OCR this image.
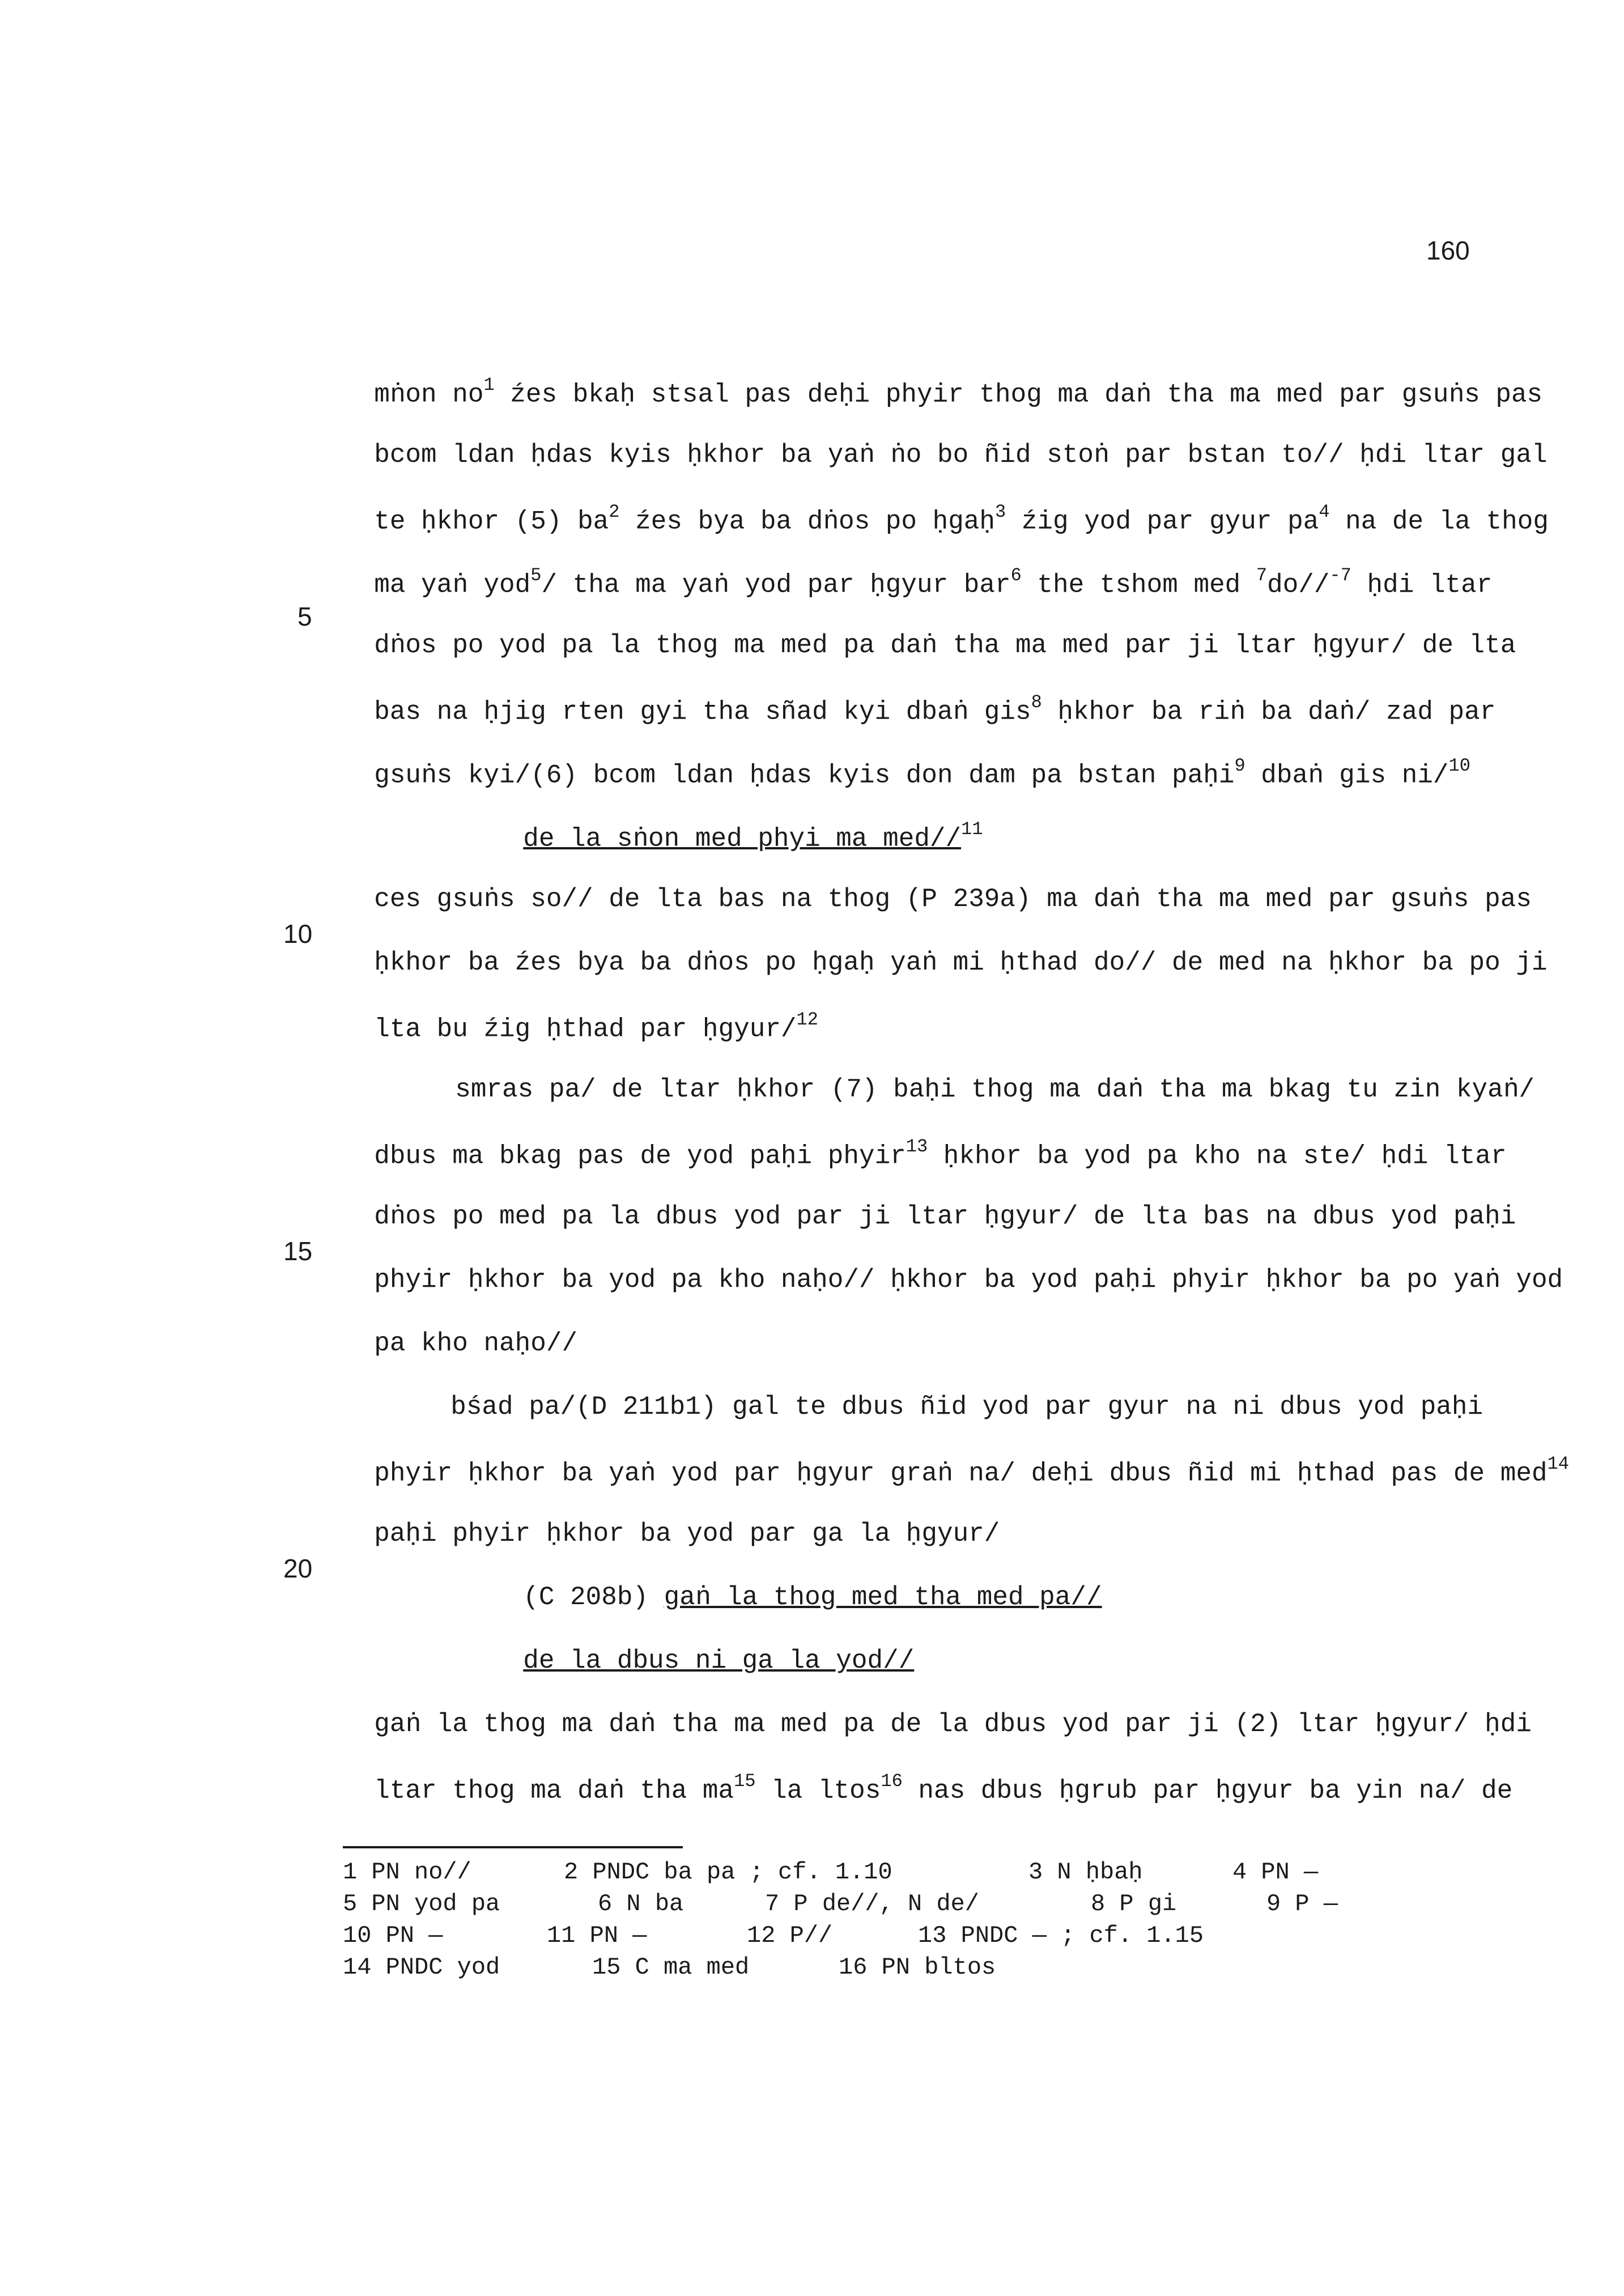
160

mṅon $no^1$ źes bkaḥ stsal pas deḥi phyir thog ma daṅ tha ma med par gsuṅs pas

bcom ldan ḥdas kyis ḥkhor ba yaṅ ṅo bo ñid stoṅ par bstan to// ḥdi ltar gal

te ḥkhor (5) $ba^2$ źes bya ba dṅos po ḥgaḥ$^3$ źig yod par gyur $pa^4$ na de la thog

ma yaṅ yod$^5$/ tha ma yaṅ yod par ḥgyur bar$^6$ the tshom med $^7$do//$^{-7}$ ḥdi ltar

dṅos po yod pa la thog ma med pa daṅ tha ma med par ji ltar ḥgyur/ de lta

bas na ḥjig rten gyi tha sñad kyi dbaṅ gis$^8$ ḥkhor ba riṅ ba daṅ/ zad par

gsuṅs kyi/(6) bcom ldan ḥdas kyis don dam pa bstan paḥi$^9$ dbaṅ gis ni/$^{10}$

de la sṅon med phyi ma med//$^{11}$

ces gsuṅs so// de lta bas na thog (P 239a) ma daṅ tha ma med par gsuṅs pas

ḥkhor ba źes bya ba dṅos po ḥgaḥ yaṅ mi ḥthad do// de med na ḥkhor ba po ji

lta bu źig ḥthad par ḥgyur/$^{12}$

smras pa/ de ltar ḥkhor (7) baḥi thog ma daṅ tha ma bkag tu zin kyaṅ/

dbus ma bkag pas de yod paḥi phyir$^{13}$ ḥkhor ba yod pa kho na ste/ ḥdi ltar

dṅos po med pa la dbus yod par ji ltar ḥgyur/ de lta bas na dbus yod paḥi

phyir ḥkhor ba yod pa kho naḥo// ḥkhor ba yod paḥi phyir ḥkhor ba po yaṅ yod

pa kho naḥo//

bśad pa/(D 211b1) gal te dbus ñid yod par gyur na ni dbus yod paḥi

phyir ḥkhor ba yaṅ yod par ḥgyur graṅ na/ deḥi dbus ñid mi ḥthad pas de med$^{14}$

paḥi phyir ḥkhor ba yod par ga la ḥgyur/

(C 208b) gaṅ la thog med tha med pa//

de la dbus ni ga la yod//

gaṅ la thog ma daṅ tha ma med pa de la dbus yod par ji (2) ltar ḥgyur/ ḥdi

ltar thog ma daṅ tha $ma^{15}$ la ltos$^{16}$ nas dbus ḥgrub par ḥgyur ba yin na/ de

5
10
15
20
1 PN no//	2 PNDC ba pa ; cf. 1.10	3 N ḥbaḥ	4 PN —
5 PN yod pa	6 N ba	7 P de//, N de/	8 P gi	9 P —
10 PN —	11 PN —	12 P//	13 PNDC — ; cf. 1.15
14 PNDC yod	15 C ma med	16 PN bltos
